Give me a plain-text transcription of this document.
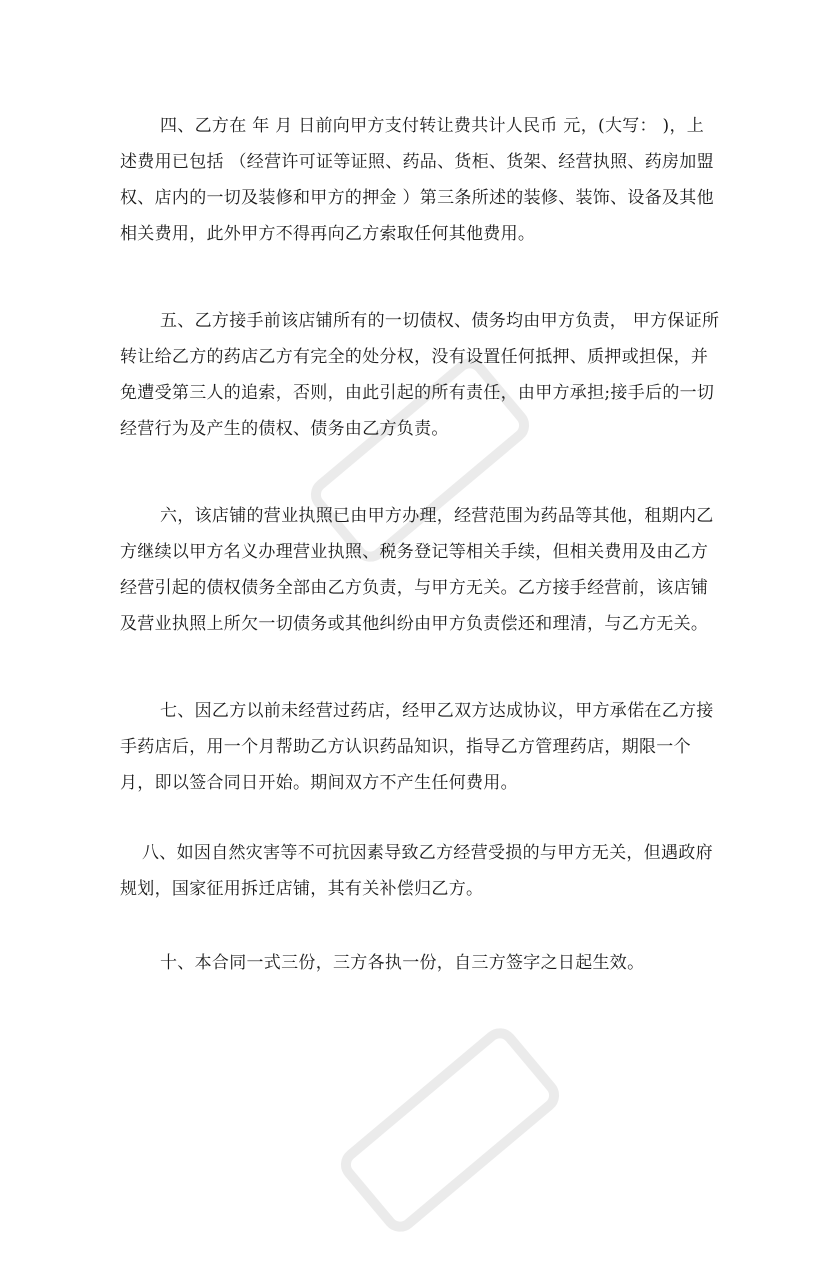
四、乙方在 年 月 日前向甲方支付转让费共计人民币 元，(大写： )，上
述费用已包括 （经营许可证等证照、药品、货柜、货架、经营执照、药房加盟
权、店内的一切及装修和甲方的押金 ）第三条所述的装修、装饰、设备及其他
相关费用，此外甲方不得再向乙方索取任何其他费用。

五、乙方接手前该店铺所有的一切债权、债务均由甲方负责， 甲方保证所
转让给乙方的药店乙方有完全的处分权，没有设置任何抵押、质押或担保，并
免遭受第三人的追索，否则，由此引起的所有责任，由甲方承担;接手后的一切
经营行为及产生的债权、债务由乙方负责。

六，该店铺的营业执照已由甲方办理，经营范围为药品等其他，租期内乙
方继续以甲方名义办理营业执照、税务登记等相关手续，但相关费用及由乙方
经营引起的债权债务全部由乙方负责，与甲方无关。乙方接手经营前，该店铺
及营业执照上所欠一切债务或其他纠纷由甲方负责偿还和理清，与乙方无关。

七、因乙方以前未经营过药店，经甲乙双方达成协议，甲方承偌在乙方接
手药店后，用一个月帮助乙方认识药品知识，指导乙方管理药店，期限一个
月，即以签合同日开始。期间双方不产生任何费用。

八、如因自然灾害等不可抗因素导致乙方经营受损的与甲方无关，但遇政府
规划，国家征用拆迁店铺，其有关补偿归乙方。

十、本合同一式三份，三方各执一份，自三方签字之日起生效。
